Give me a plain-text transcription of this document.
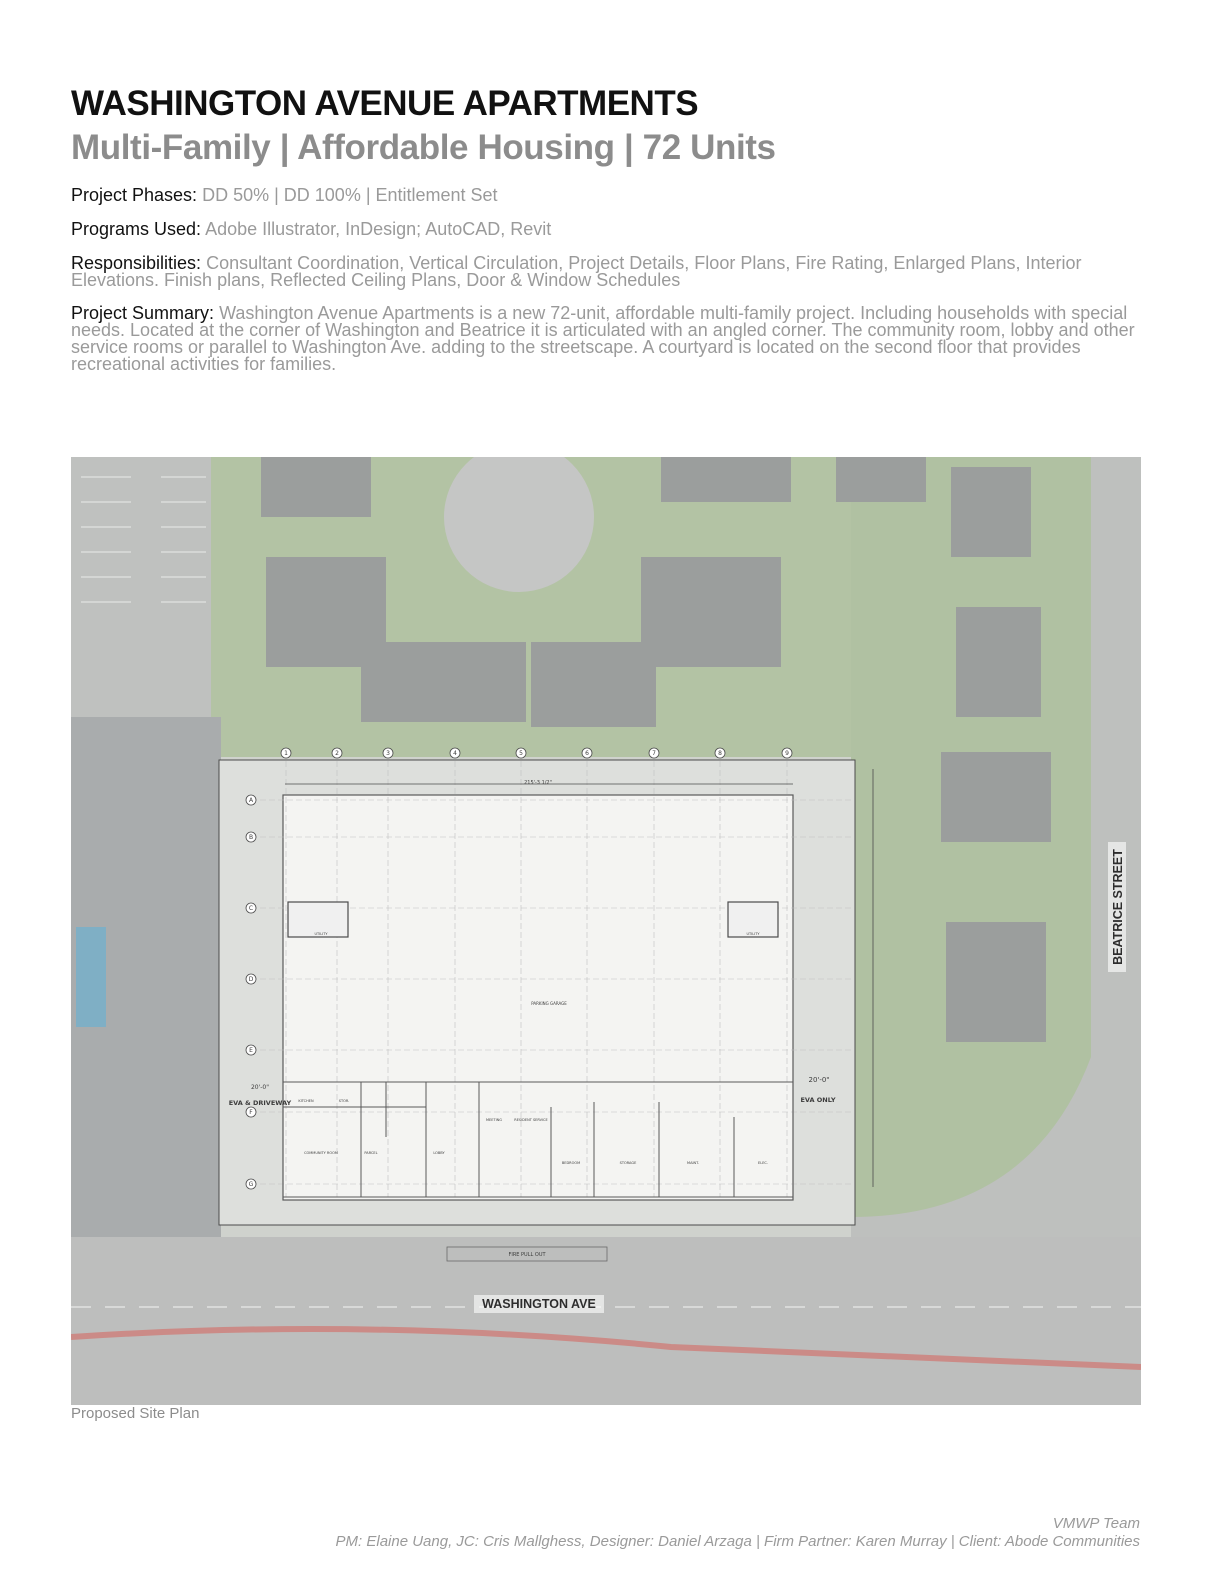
WASHINGTON AVENUE APARTMENTS
Multi-Family | Affordable Housing | 72 Units
Project Phases: DD 50% | DD 100% | Entitlement Set
Programs Used: Adobe Illustrator, InDesign; AutoCAD, Revit
Responsibilities: Consultant Coordination, Vertical Circulation, Project Details, Floor Plans, Fire Rating, Enlarged Plans, Interior Elevations. Finish plans, Reflected Ceiling Plans, Door & Window Schedules
Project Summary: Washington Avenue Apartments is a new 72-unit, affordable multi-family project. Including households with special needs. Located at the corner of Washington and Beatrice it is articulated with an angled corner. The community room, lobby and other service rooms or parallel to Washington Ave. adding to the streetscape. A courtyard is located on the second floor that provides recreational activities for families.
1	2	3	4	5	6	7	8	9
A
B
C
D
E
F
G
215'-3 1/2"
20'-0"
20'-0"
EVA & DRIVEWAY	EVA ONLY
PARKING GARAGE
FIRE PULL OUT
KITCHEN	STOR.
COMMUNITY ROOM	PARCEL	LOBBY
MEETING	RESIDENT SERVICE
BEDROOM	STORAGE	MAINT.	ELEC.
UTILITY	UTILITY
WASHINGTON AVE
BEATRICE STREET
Proposed Site Plan
VMWP Team
PM: Elaine Uang, JC: Cris Mallghess, Designer: Daniel Arzaga | Firm Partner: Karen Murray | Client: Abode Communities
